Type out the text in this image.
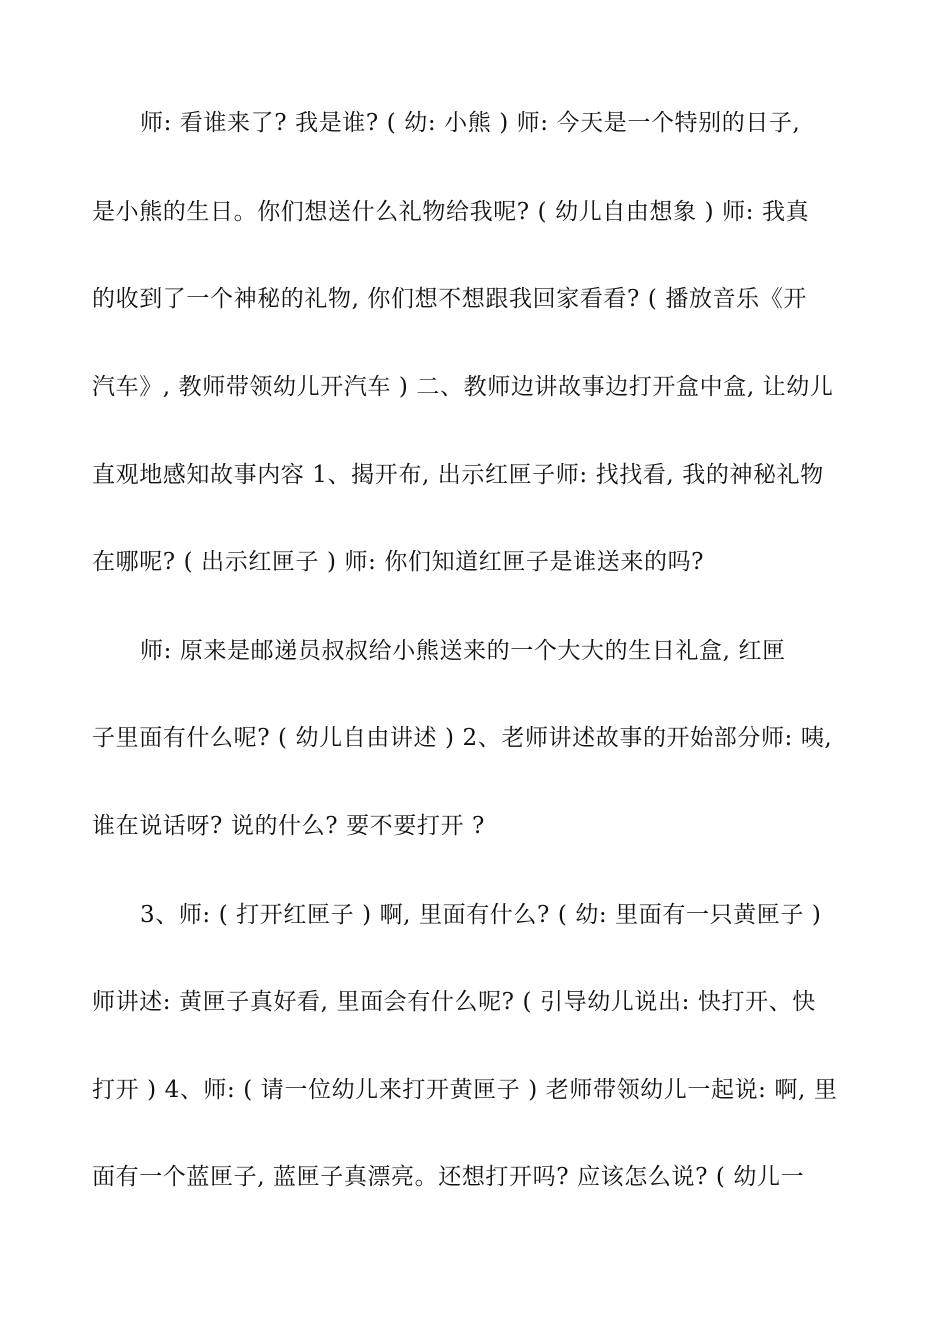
师: 看谁来了? 我是谁? ( 幼: 小熊 ) 师: 今天是一个特别的日子,
是小熊的生日。你们想送什么礼物给我呢? ( 幼儿自由想象 ) 师: 我真
的收到了一个神秘的礼物, 你们想不想跟我回家看看? ( 播放音乐《开
汽车》, 教师带领幼儿开汽车 ) 二、教师边讲故事边打开盒中盒, 让幼儿
直观地感知故事内容 1、揭开布, 出示红匣子师: 找找看, 我的神秘礼物
在哪呢? ( 出示红匣子 ) 师: 你们知道红匣子是谁送来的吗?
师: 原来是邮递员叔叔给小熊送来的一个大大的生日礼盒, 红匣
子里面有什么呢? ( 幼儿自由讲述 ) 2、老师讲述故事的开始部分师: 咦,
谁在说话呀? 说的什么? 要不要打开 ?
3、师: ( 打开红匣子 ) 啊, 里面有什么? ( 幼: 里面有一只黄匣子 )
师讲述: 黄匣子真好看, 里面会有什么呢? ( 引导幼儿说出: 快打开、快
打开 ) 4、师: ( 请一位幼儿来打开黄匣子 ) 老师带领幼儿一起说: 啊, 里
面有一个蓝匣子, 蓝匣子真漂亮。还想打开吗? 应该怎么说? ( 幼儿一
